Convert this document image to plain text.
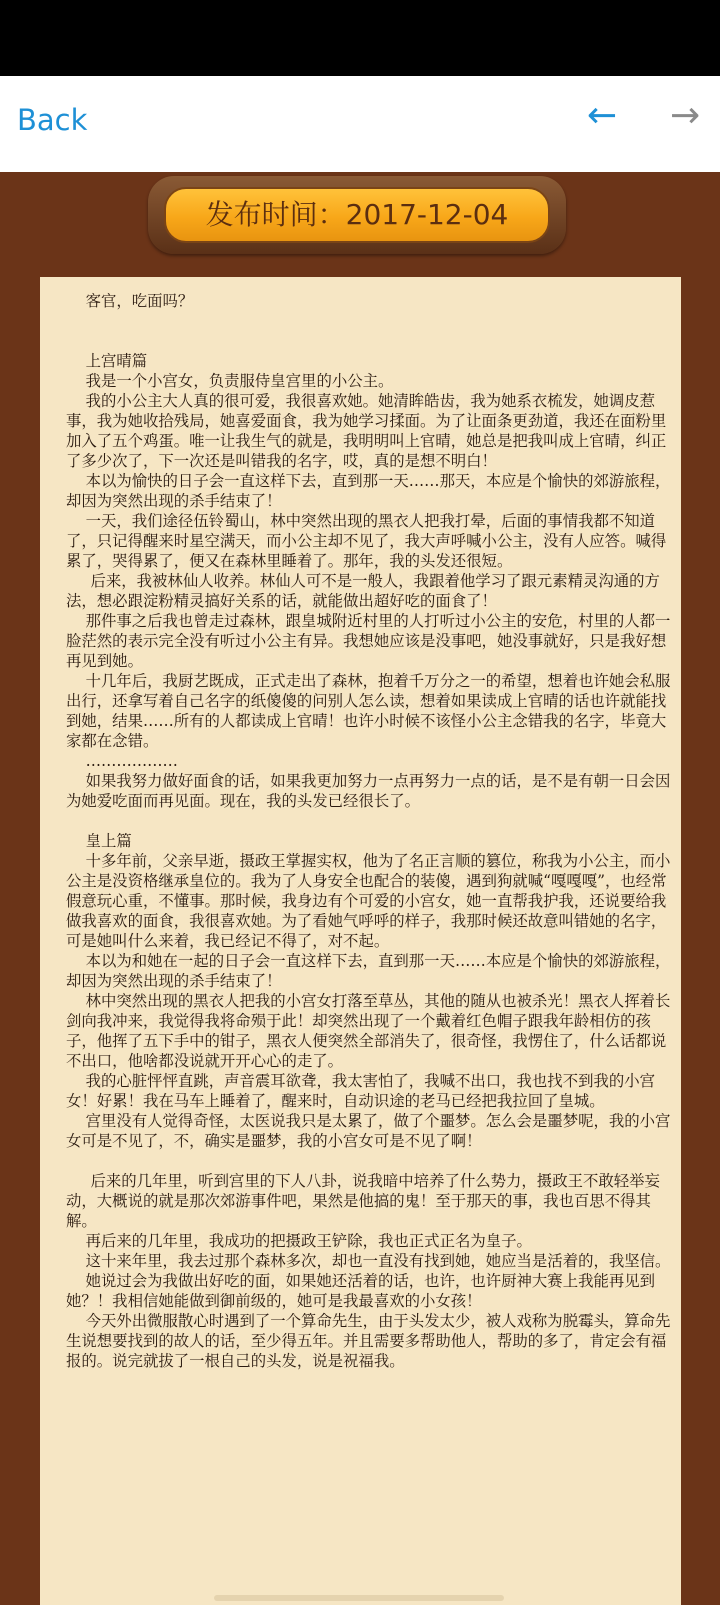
Back	← →
发布时间：2017-12-04

客官，吃面吗？

上宫晴篇

我是一个小宫女，负责服侍皇宫里的小公主。

我的小公主大人真的很可爱，我很喜欢她。她清眸皓齿，我为她系衣梳发，她调皮惹事，我为她收拾残局，她喜爱面食，我为她学习揉面。为了让面条更劲道，我还在面粉里加入了五个鸡蛋。唯一让我生气的就是，我明明叫上官晴，她总是把我叫成上官晴，纠正了多少次了，下一次还是叫错我的名字，哎，真的是想不明白！

本以为愉快的日子会一直这样下去，直到那一天……那天，本应是个愉快的郊游旅程，却因为突然出现的杀手结束了！

一天，我们途径伍铃蜀山，林中突然出现的黑衣人把我打晕，后面的事情我都不知道了，只记得醒来时星空满天，而小公主却不见了，我大声呼喊小公主，没有人应答。喊得累了，哭得累了，便又在森林里睡着了。那年，我的头发还很短。

后来，我被林仙人收养。林仙人可不是一般人，我跟着他学习了跟元素精灵沟通的方法，想必跟淀粉精灵搞好关系的话，就能做出超好吃的面食了！

那件事之后我也曾走过森林，跟皇城附近村里的人打听过小公主的安危，村里的人都一脸茫然的表示完全没有听过小公主有异。我想她应该是没事吧，她没事就好，只是我好想再见到她。

十几年后，我厨艺既成，正式走出了森林，抱着千万分之一的希望，想着也许她会私服出行，还拿写着自己名字的纸傻傻的问别人怎么读，想着如果读成上官晴的话也许就能找到她，结果……所有的人都读成上官晴！也许小时候不该怪小公主念错我的名字，毕竟大家都在念错。

………………

如果我努力做好面食的话，如果我更加努力一点再努力一点的话，是不是有朝一日会因为她爱吃面而再见面。现在，我的头发已经很长了。

皇上篇

十多年前，父亲早逝，摄政王掌握实权，他为了名正言顺的篡位，称我为小公主，而小公主是没资格继承皇位的。我为了人身安全也配合的装傻，遇到狗就喊“嘎嘎嘎”，也经常假意玩心重，不懂事。那时候，我身边有个可爱的小宫女，她一直帮我护我，还说要给我做我喜欢的面食，我很喜欢她。为了看她气呼呼的样子，我那时候还故意叫错她的名字，可是她叫什么来着，我已经记不得了，对不起。

本以为和她在一起的日子会一直这样下去，直到那一天……本应是个愉快的郊游旅程，却因为突然出现的杀手结束了！

林中突然出现的黑衣人把我的小宫女打落至草丛，其他的随从也被杀光！黑衣人挥着长剑向我冲来，我觉得我将命殒于此！却突然出现了一个戴着红色帽子跟我年龄相仿的孩子，他挥了五下手中的钳子，黑衣人便突然全部消失了，很奇怪，我愣住了，什么话都说不出口，他啥都没说就开开心心的走了。

我的心脏怦怦直跳，声音震耳欲聋，我太害怕了，我喊不出口，我也找不到我的小宫女！好累！我在马车上睡着了，醒来时，自动识途的老马已经把我拉回了皇城。

宫里没有人觉得奇怪，太医说我只是太累了，做了个噩梦。怎么会是噩梦呢，我的小宫女可是不见了，不，确实是噩梦，我的小宫女可是不见了啊！

后来的几年里，听到宫里的下人八卦，说我暗中培养了什么势力，摄政王不敢轻举妄动，大概说的就是那次郊游事件吧，果然是他搞的鬼！至于那天的事，我也百思不得其解。

再后来的几年里，我成功的把摄政王铲除，我也正式正名为皇子。

这十来年里，我去过那个森林多次，却也一直没有找到她，她应当是活着的，我坚信。

她说过会为我做出好吃的面，如果她还活着的话，也许，也许厨神大赛上我能再见到她？！我相信她能做到御前级的，她可是我最喜欢的小女孩！

今天外出微服散心时遇到了一个算命先生，由于头发太少，被人戏称为脱霉头，算命先生说想要找到的故人的话，至少得五年。并且需要多帮助他人，帮助的多了，肯定会有福报的。说完就拔了一根自己的头发，说是祝福我。
